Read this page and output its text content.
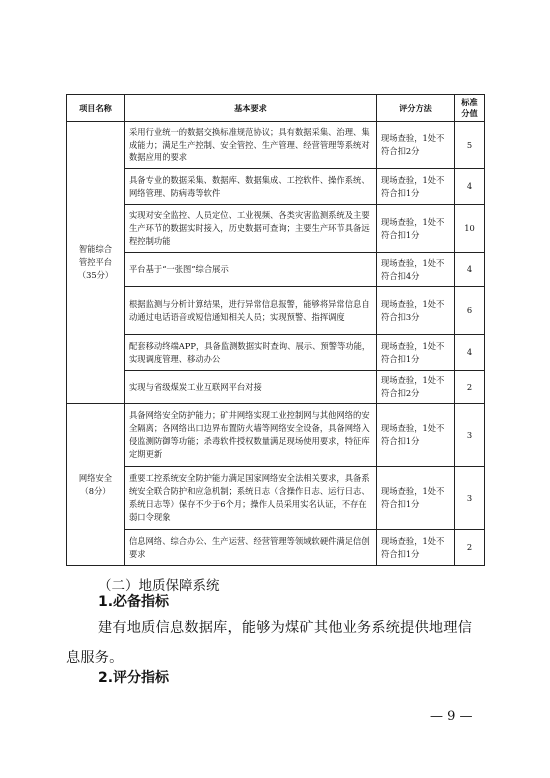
项目名称	基本要求	评分方法	标准
分值
智能综合
管控平台
（35分）	采用行业统一的数据交换标准规范协议；具有数据采集、治理、集成能力；满足生产控制、安全管控、生产管理、经营管理等系统对数据应用的要求	现场查验，1处不符合扣2分	5
	具备专业的数据采集、数据库、数据集成、工控软件、操作系统、网络管理、防病毒等软件	现场查验，1处不符合扣1分	4
	实现对安全监控、人员定位、工业视频、各类灾害监测系统及主要生产环节的数据实时接入，历史数据可查询；主要生产环节具备远程控制功能	现场查验，1处不符合扣1分	10
	平台基于“一张图”综合展示	现场查验，1处不符合扣4分	4
	根据监测与分析计算结果，进行异常信息报警，能够将异常信息自动通过电话语音或短信通知相关人员；实现预警、指挥调度	现场查验，1处不符合扣3分	6
	配套移动终端APP，具备监测数据实时查询、展示、预警等功能，实现调度管理、移动办公	现场查验，1处不符合扣1分	4
	实现与省级煤炭工业互联网平台对接	现场查验，1处不符合扣2分	2
网络安全
（8分）	具备网络安全防护能力；矿井网络实现工业控制网与其他网络的安全隔离；各网络出口边界布置防火墙等网络安全设备，具备网络入侵监测防御等功能；杀毒软件授权数量满足现场使用要求，特征库定期更新	现场查验，1处不符合扣1分	3
	重要工控系统安全防护能力满足国家网络安全法相关要求，具备系统安全联合防护和应急机制；系统日志（含操作日志、运行日志、系统日志等）保存不少于6个月；操作人员采用实名认证，不存在弱口令现象	现场查验，1处不符合扣1分	3
	信息网络、综合办公、生产运营、经营管理等领域软硬件满足信创要求	现场查验，1处不符合扣1分	2
（二）地质保障系统
1.必备指标
建有地质信息数据库，能够为煤矿其他业务系统提供地理信息服务。
2.评分指标
— 9 —
